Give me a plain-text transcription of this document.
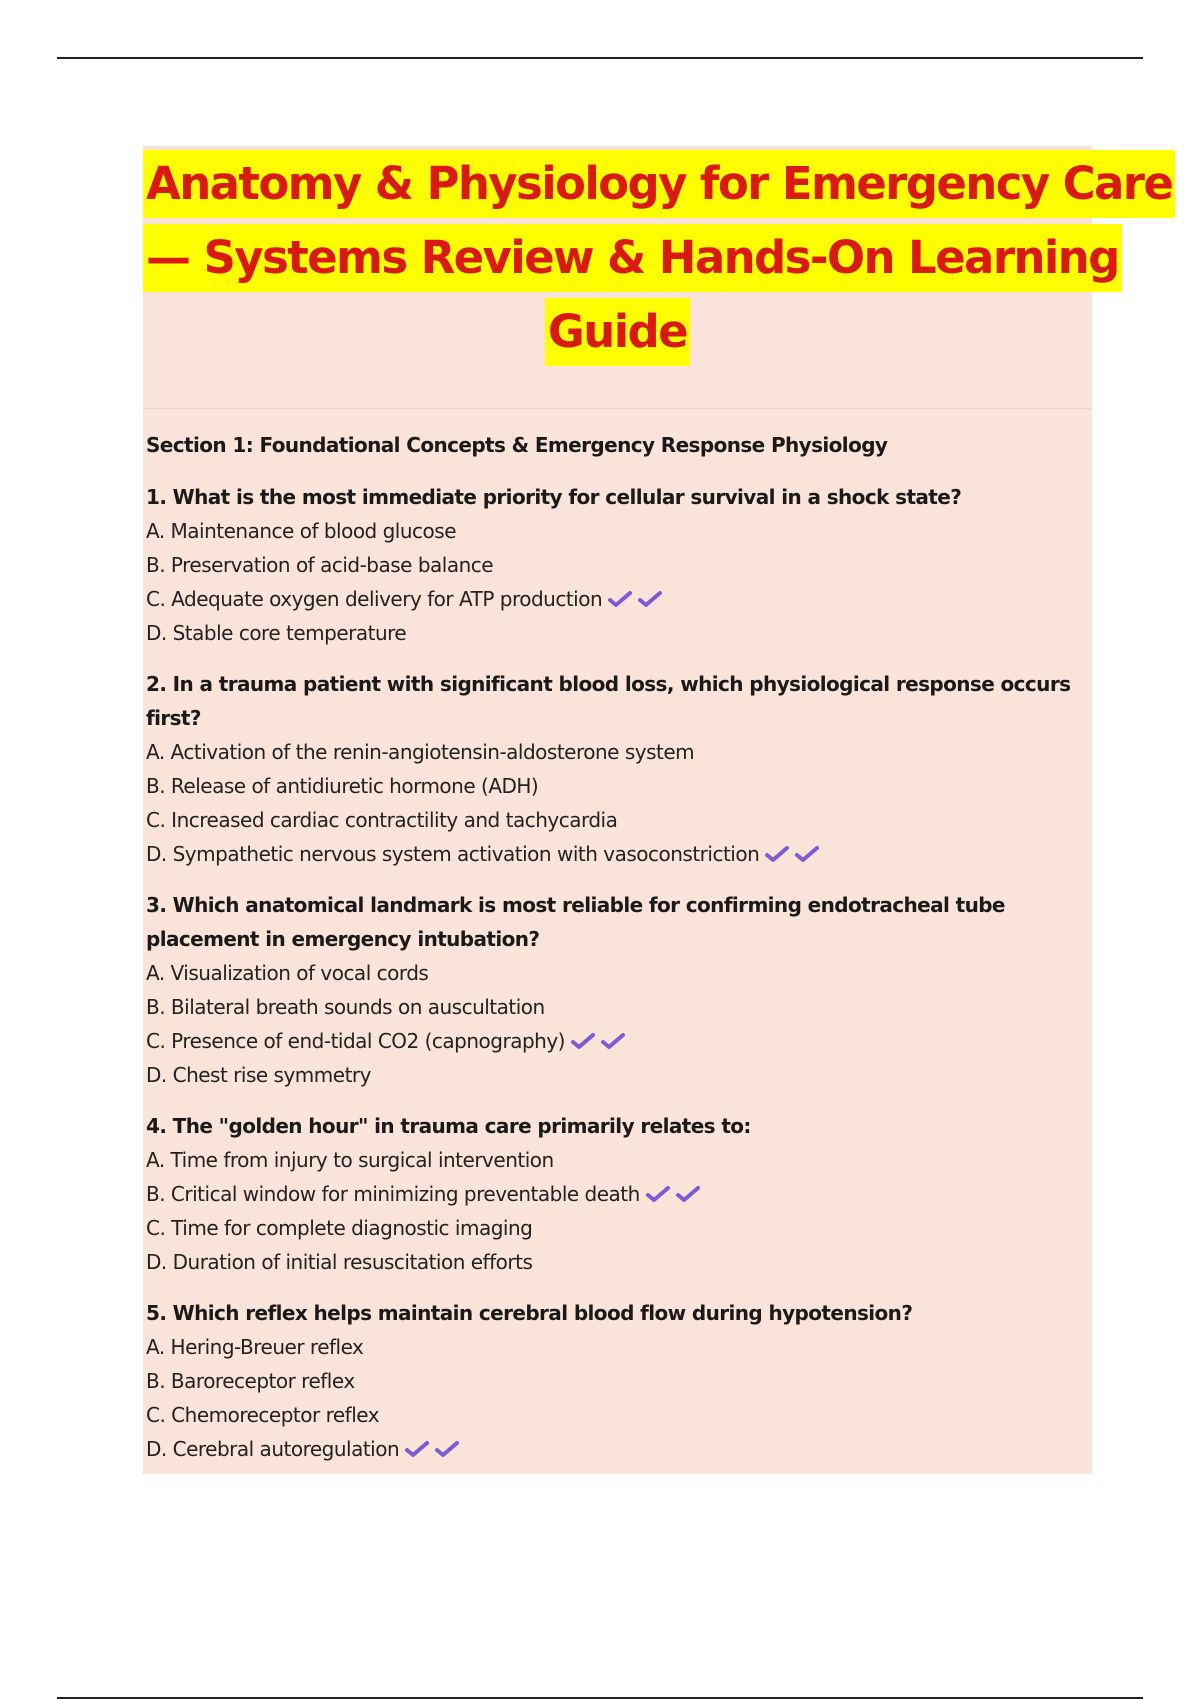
Anatomy & Physiology for Emergency Care
— Systems Review & Hands-On Learning
Guide
Section 1: Foundational Concepts & Emergency Response Physiology
1. What is the most immediate priority for cellular survival in a shock state?
A. Maintenance of blood glucose
B. Preservation of acid-base balance
C. Adequate oxygen delivery for ATP production
D. Stable core temperature
2. In a trauma patient with significant blood loss, which physiological response occurs first?
A. Activation of the renin-angiotensin-aldosterone system
B. Release of antidiuretic hormone (ADH)
C. Increased cardiac contractility and tachycardia
D. Sympathetic nervous system activation with vasoconstriction
3. Which anatomical landmark is most reliable for confirming endotracheal tube placement in emergency intubation?
A. Visualization of vocal cords
B. Bilateral breath sounds on auscultation
C. Presence of end-tidal CO2 (capnography)
D. Chest rise symmetry
4. The "golden hour" in trauma care primarily relates to:
A. Time from injury to surgical intervention
B. Critical window for minimizing preventable death
C. Time for complete diagnostic imaging
D. Duration of initial resuscitation efforts
5. Which reflex helps maintain cerebral blood flow during hypotension?
A. Hering-Breuer reflex
B. Baroreceptor reflex
C. Chemoreceptor reflex
D. Cerebral autoregulation
